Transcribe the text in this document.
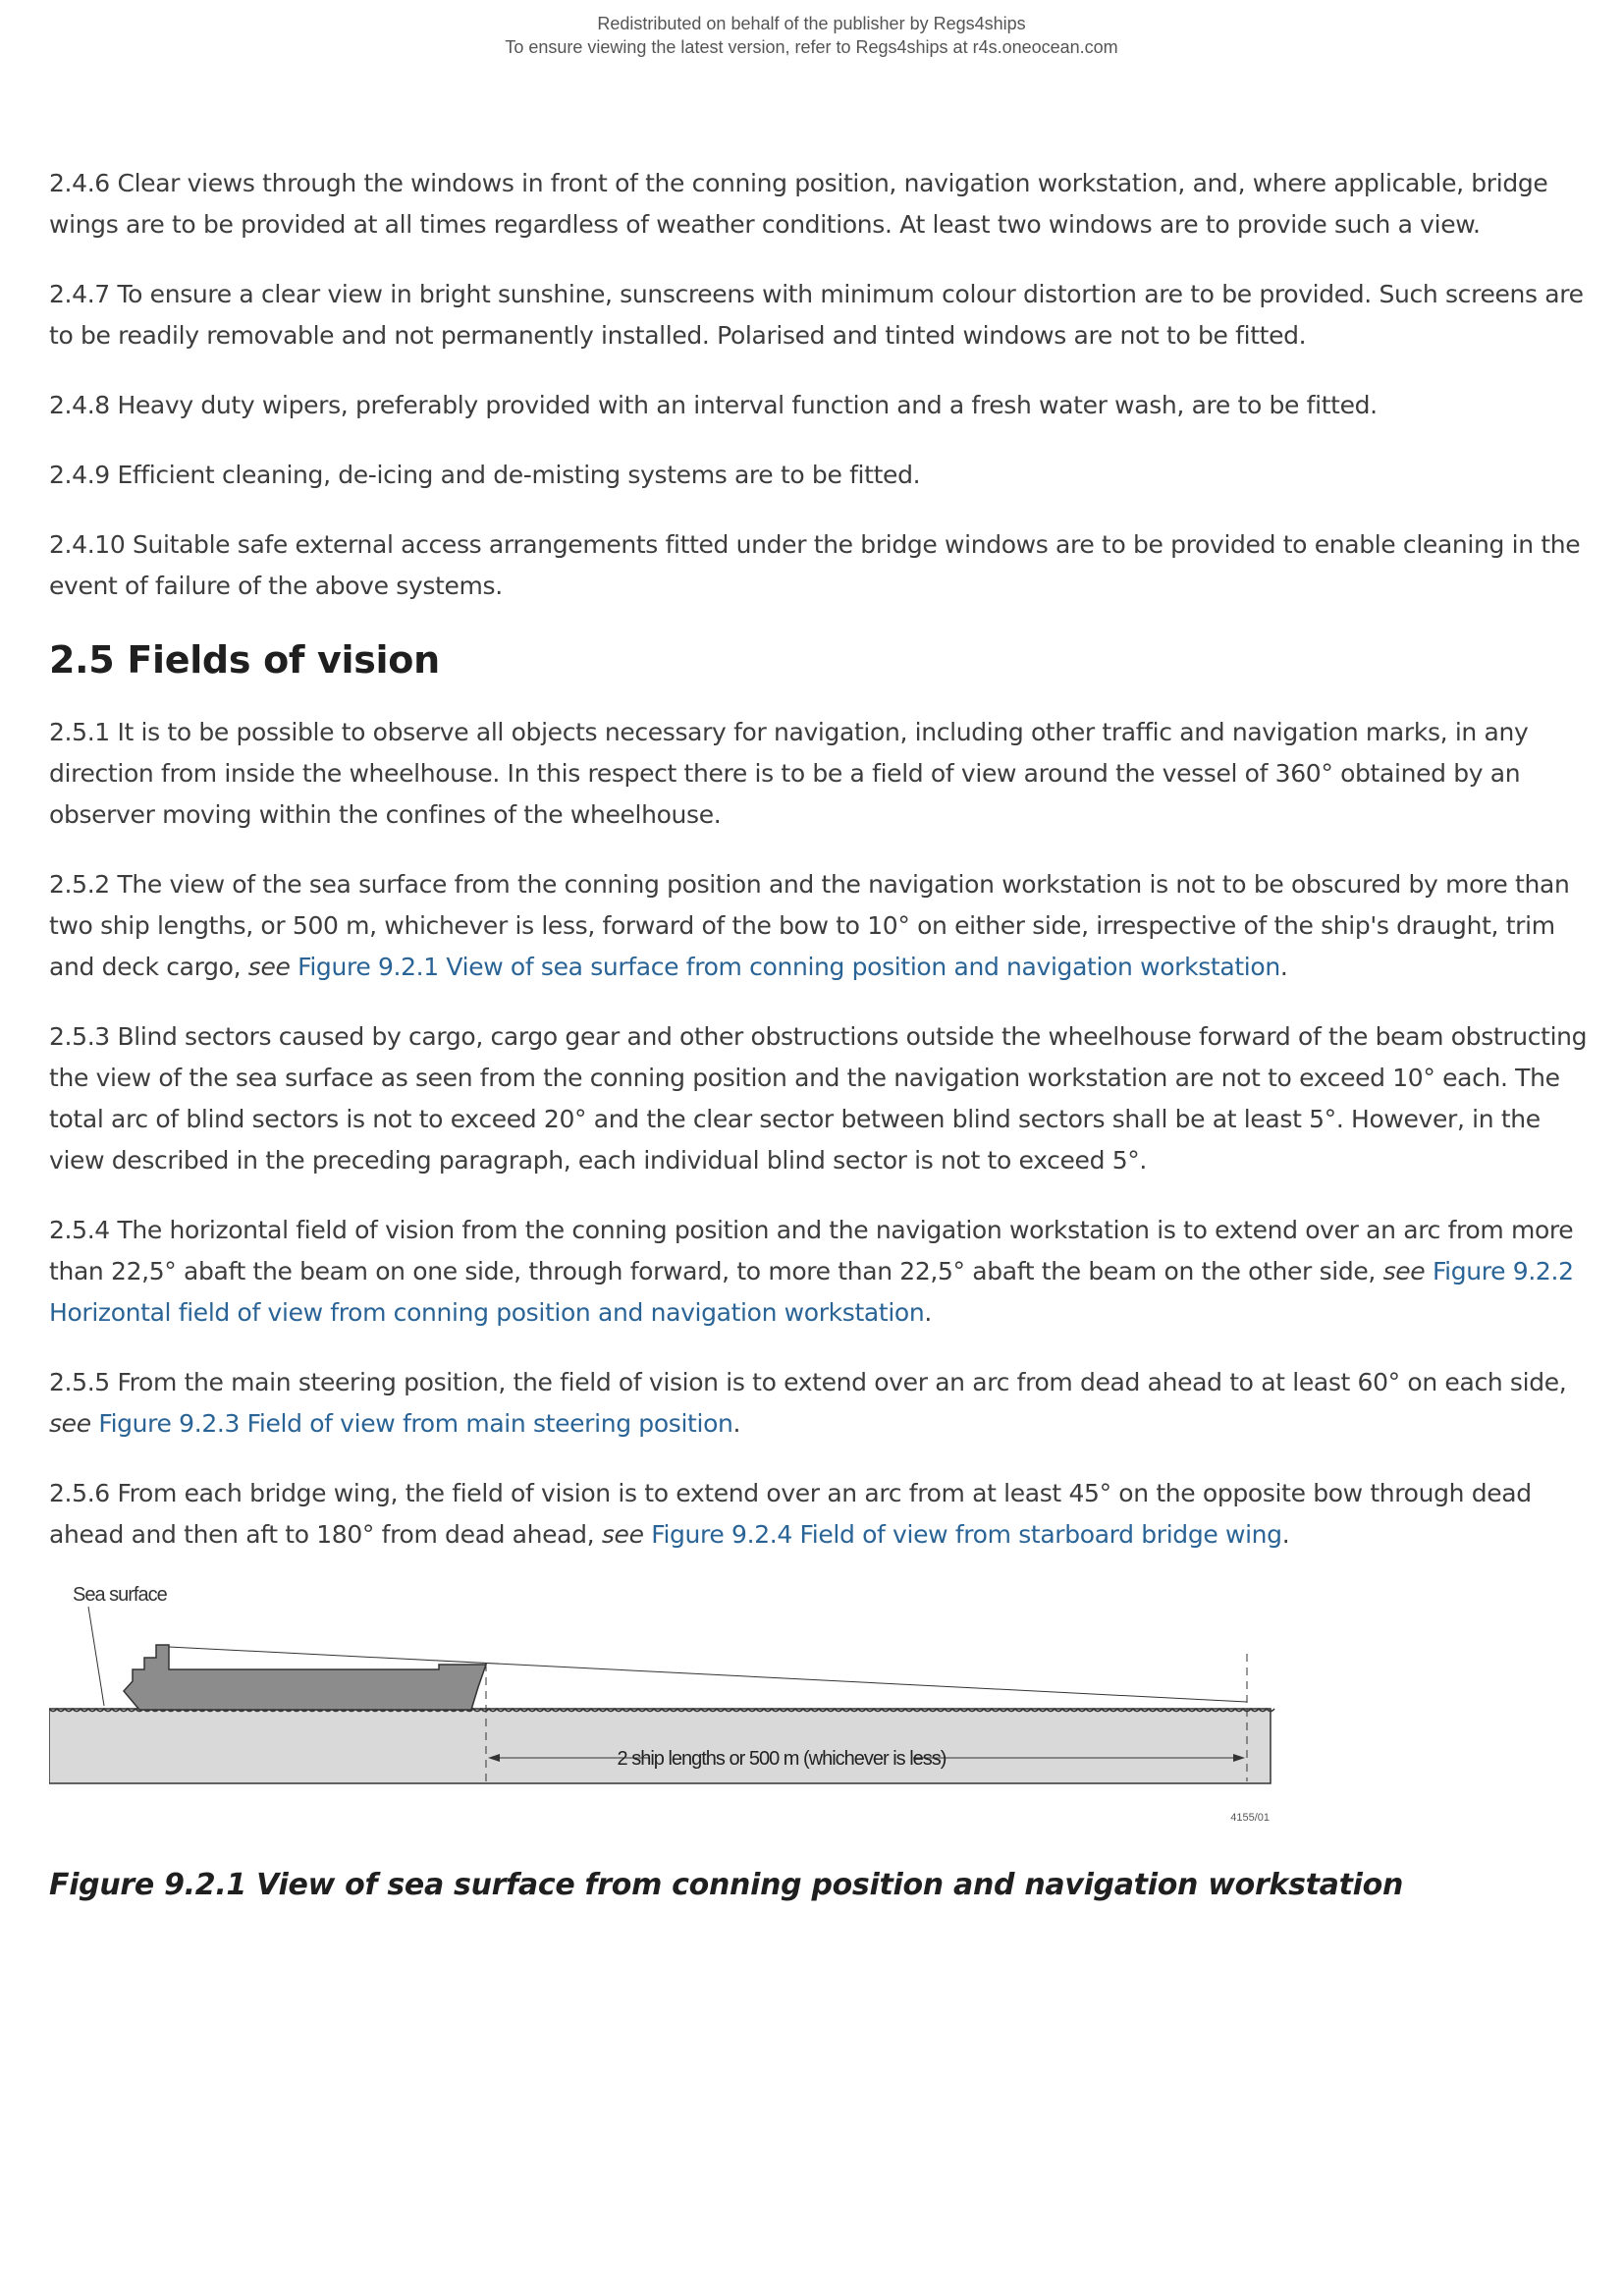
Redistributed on behalf of the publisher by Regs4ships
To ensure viewing the latest version, refer to Regs4ships at r4s.oneocean.com

2.4.6 Clear views through the windows in front of the conning position, navigation workstation, and, where applicable, bridge wings are to be provided at all times regardless of weather conditions. At least two windows are to provide such a view.

2.4.7 To ensure a clear view in bright sunshine, sunscreens with minimum colour distortion are to be provided. Such screens are to be readily removable and not permanently installed. Polarised and tinted windows are not to be fitted.

2.4.8 Heavy duty wipers, preferably provided with an interval function and a fresh water wash, are to be fitted.

2.4.9 Efficient cleaning, de-icing and de-misting systems are to be fitted.

2.4.10 Suitable safe external access arrangements fitted under the bridge windows are to be provided to enable cleaning in the event of failure of the above systems.

2.5 Fields of vision

2.5.1 It is to be possible to observe all objects necessary for navigation, including other traffic and navigation marks, in any direction from inside the wheelhouse. In this respect there is to be a field of view around the vessel of 360° obtained by an observer moving within the confines of the wheelhouse.

2.5.2 The view of the sea surface from the conning position and the navigation workstation is not to be obscured by more than two ship lengths, or 500 m, whichever is less, forward of the bow to 10° on either side, irrespective of the ship's draught, trim and deck cargo, see Figure 9.2.1 View of sea surface from conning position and navigation workstation.

2.5.3 Blind sectors caused by cargo, cargo gear and other obstructions outside the wheelhouse forward of the beam obstructing the view of the sea surface as seen from the conning position and the navigation workstation are not to exceed 10° each. The total arc of blind sectors is not to exceed 20° and the clear sector between blind sectors shall be at least 5°. However, in the view described in the preceding paragraph, each individual blind sector is not to exceed 5°.

2.5.4 The horizontal field of vision from the conning position and the navigation workstation is to extend over an arc from more than 22,5° abaft the beam on one side, through forward, to more than 22,5° abaft the beam on the other side, see Figure 9.2.2 Horizontal field of view from conning position and navigation workstation.

2.5.5 From the main steering position, the field of vision is to extend over an arc from dead ahead to at least 60° on each side, see Figure 9.2.3 Field of view from main steering position.

2.5.6 From each bridge wing, the field of vision is to extend over an arc from at least 45° on the opposite bow through dead ahead and then aft to 180° from dead ahead, see Figure 9.2.4 Field of view from starboard bridge wing.

Sea surface
2 ship lengths or 500 m (whichever is less)
4155/01
Figure 9.2.1 View of sea surface from conning position and navigation workstation
